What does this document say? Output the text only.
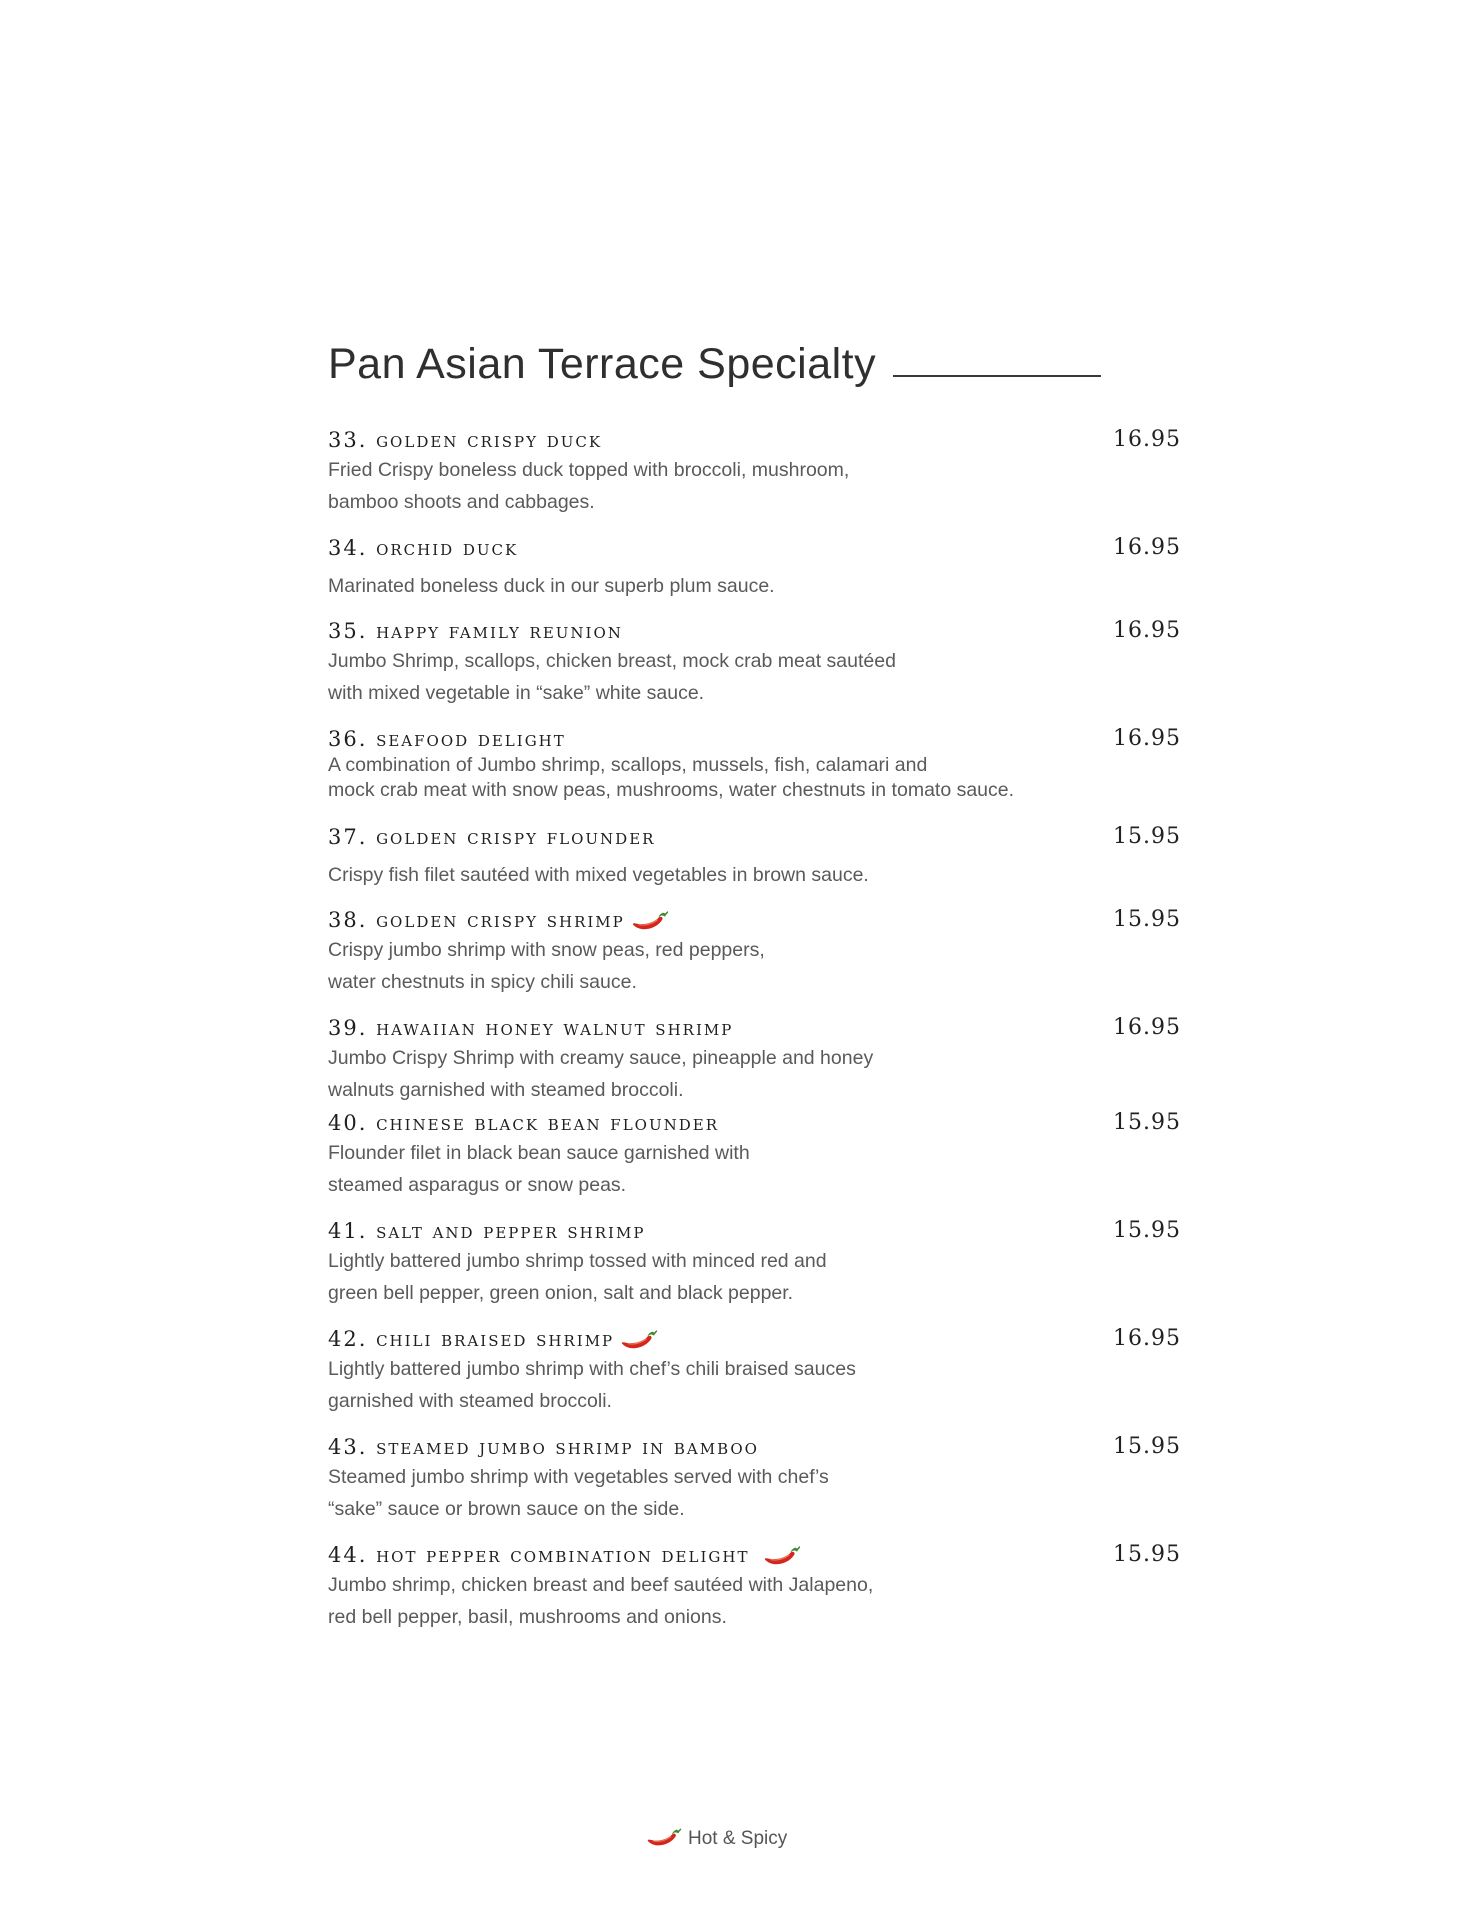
Pan Asian Terrace Specialty
33. golden crispy duck	16.95

Fried Crispy boneless duck topped with broccoli, mushroom,

bamboo shoots and cabbages.

34. orchid duck	16.95

Marinated boneless duck in our superb plum sauce.

35. happy family reunion	16.95

Jumbo Shrimp, scallops, chicken breast, mock crab meat sautéed

with mixed vegetable in “sake” white sauce.

36. seafood delight	16.95

A combination of Jumbo shrimp, scallops, mussels, fish, calamari and

mock crab meat with snow peas, mushrooms, water chestnuts in tomato sauce.

37. golden crispy flounder	15.95

Crispy fish filet sautéed with mixed vegetables in brown sauce.

38. golden crispy shrimp	15.95

Crispy jumbo shrimp with snow peas, red peppers,

water chestnuts in spicy chili sauce.

39. hawaiian honey walnut shrimp	16.95

Jumbo Crispy Shrimp with creamy sauce, pineapple and honey

walnuts garnished with steamed broccoli.

40. chinese black bean flounder	15.95

Flounder filet in black bean sauce garnished with

steamed asparagus or snow peas.

41. salt and pepper shrimp	15.95

Lightly battered jumbo shrimp tossed with minced red and

green bell pepper, green onion, salt and black pepper.

42. chili braised shrimp	16.95

Lightly battered jumbo shrimp with chef’s chili braised sauces

garnished with steamed broccoli.

43. steamed jumbo shrimp in bamboo	15.95

Steamed jumbo shrimp with vegetables served with chef’s

“sake” sauce or brown sauce on the side.

44. hot pepper combination delight	15.95

Jumbo shrimp, chicken breast and beef sautéed with Jalapeno,

red bell pepper, basil, mushrooms and onions.

Hot & Spicy
